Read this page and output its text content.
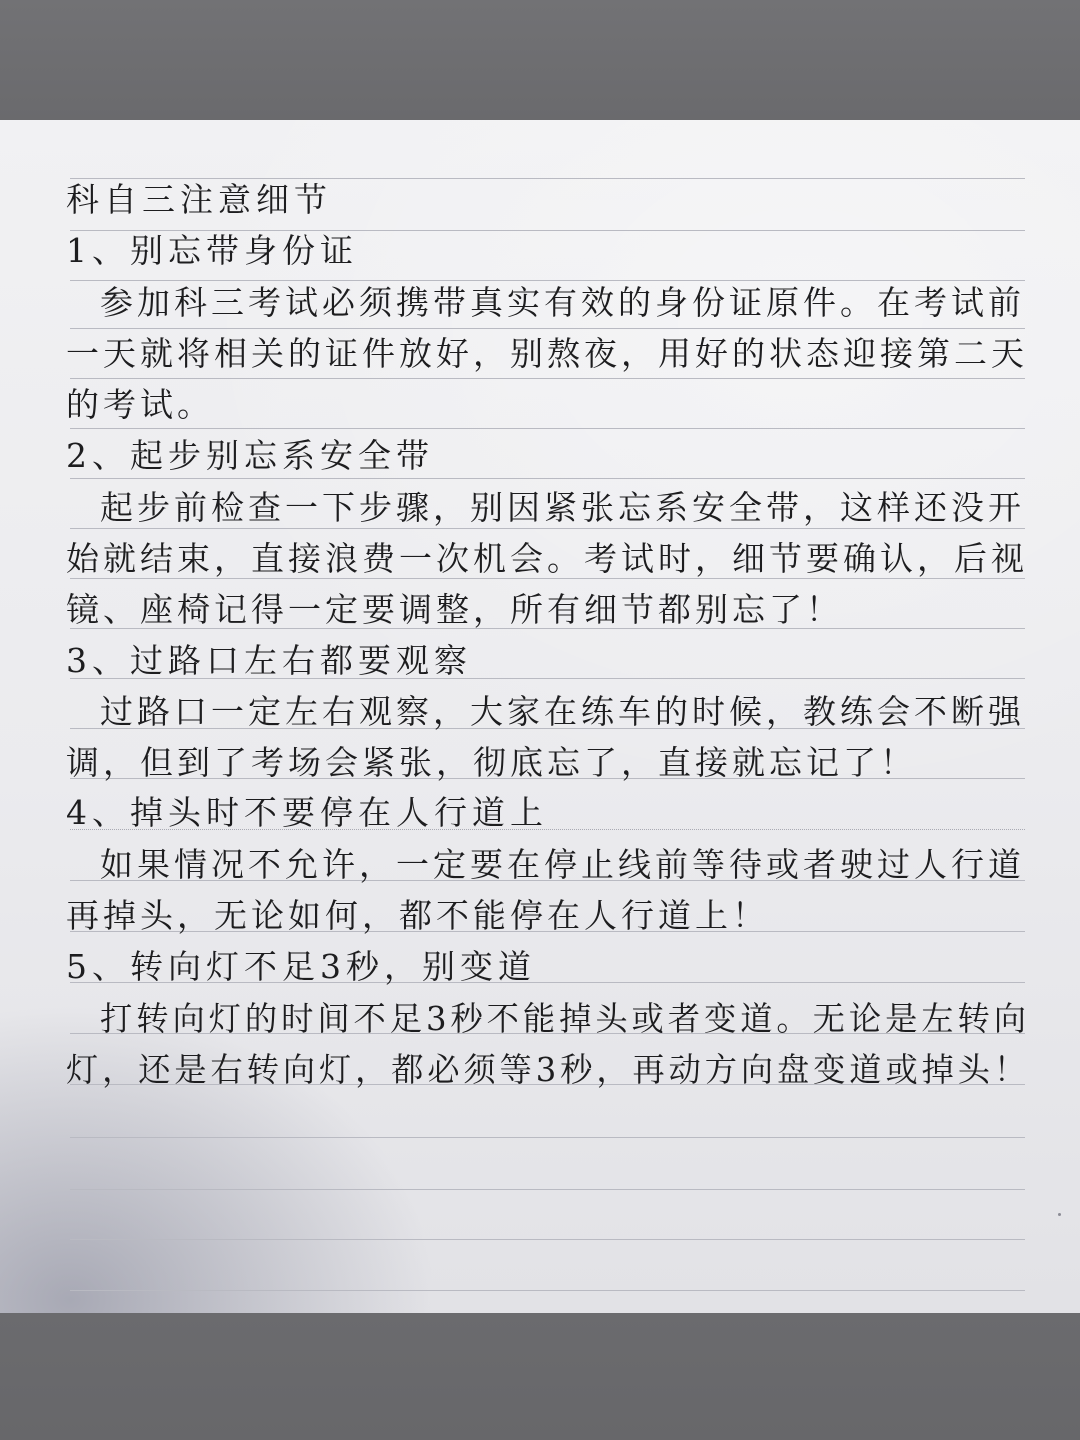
科自三注意细节
1、别忘带身份证
参加科三考试必须携带真实有效的身份证原件。在考试前
一天就将相关的证件放好，别熬夜，用好的状态迎接第二天
的考试。
2、起步别忘系安全带
起步前检查一下步骤，别因紧张忘系安全带，这样还没开
始就结束，直接浪费一次机会。考试时，细节要确认，后视
镜、座椅记得一定要调整，所有细节都别忘了！
3、过路口左右都要观察
过路口一定左右观察，大家在练车的时候，教练会不断强
调，但到了考场会紧张，彻底忘了，直接就忘记了！
4、掉头时不要停在人行道上
如果情况不允许，一定要在停止线前等待或者驶过人行道
再掉头，无论如何，都不能停在人行道上！
5、转向灯不足3秒，别变道
打转向灯的时间不足3秒不能掉头或者变道。无论是左转向
灯，还是右转向灯，都必须等3秒，再动方向盘变道或掉头！
